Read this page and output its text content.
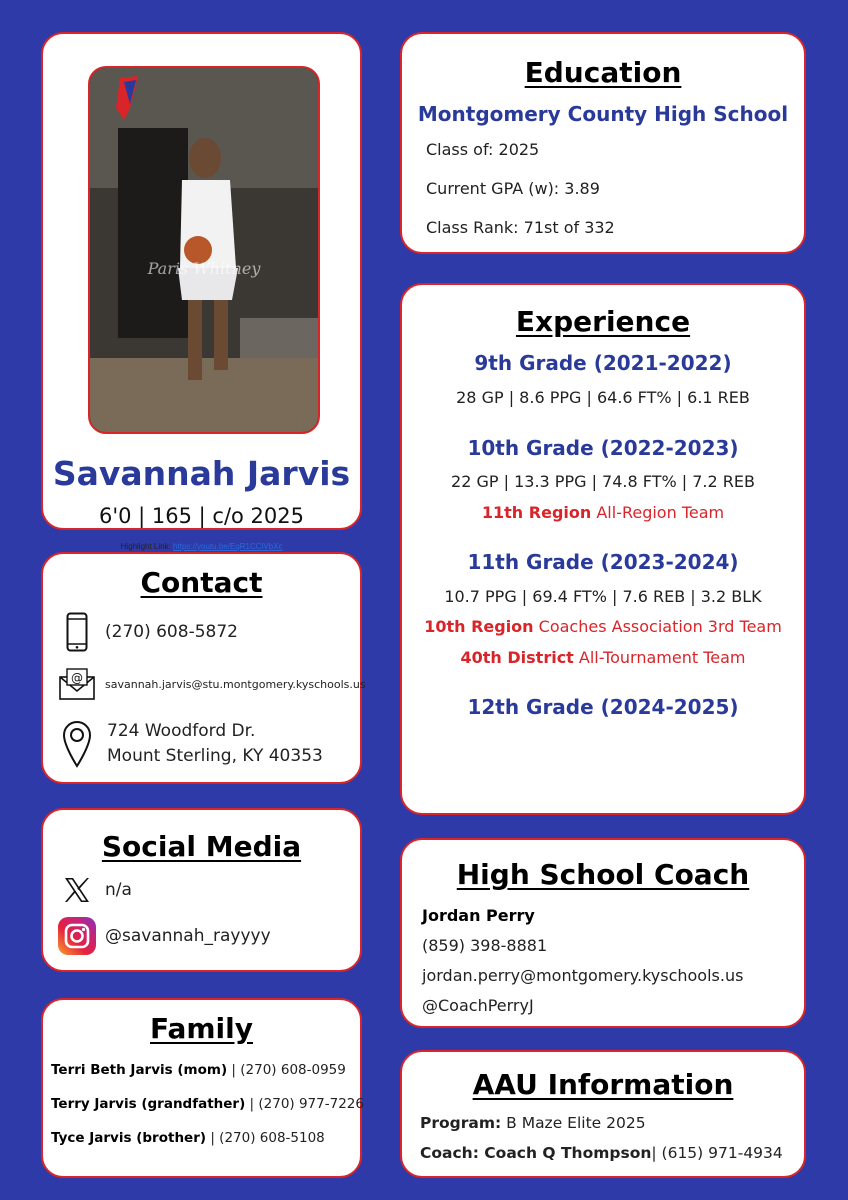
Paris Whitney
Savannah Jarvis
6'0 | 165 | c/o 2025
Highlight Link: https://youtu.be/EqR1CClVbXc
Contact
(270) 608-5872
@ savannah.jarvis@stu.montgomery.kyschools.us
724 Woodford Dr.
Mount Sterling, KY 40353
Social Media
n/a
@savannah_rayyyy
Family
Terri Beth Jarvis (mom) | (270) 608-0959
Terry Jarvis (grandfather) | (270) 977-7226
Tyce Jarvis (brother) | (270) 608-5108
Education
Montgomery County High School
Class of: 2025
Current GPA (w): 3.89
Class Rank: 71st of 332
Experience
9th Grade (2021-2022)
28 GP | 8.6 PPG | 64.6 FT% | 6.1 REB
10th Grade (2022-2023)
22 GP | 13.3 PPG | 74.8 FT% | 7.2 REB
11th Region All-Region Team
11th Grade (2023-2024)
10.7 PPG | 69.4 FT% | 7.6 REB | 3.2 BLK
10th Region Coaches Association 3rd Team
40th District All-Tournament Team
12th Grade (2024-2025)
High School Coach
Jordan Perry
(859) 398-8881
jordan.perry@montgomery.kyschools.us
@CoachPerryJ
AAU Information
Program: B Maze Elite 2025
Coach: Coach Q Thompson| (615) 971-4934
